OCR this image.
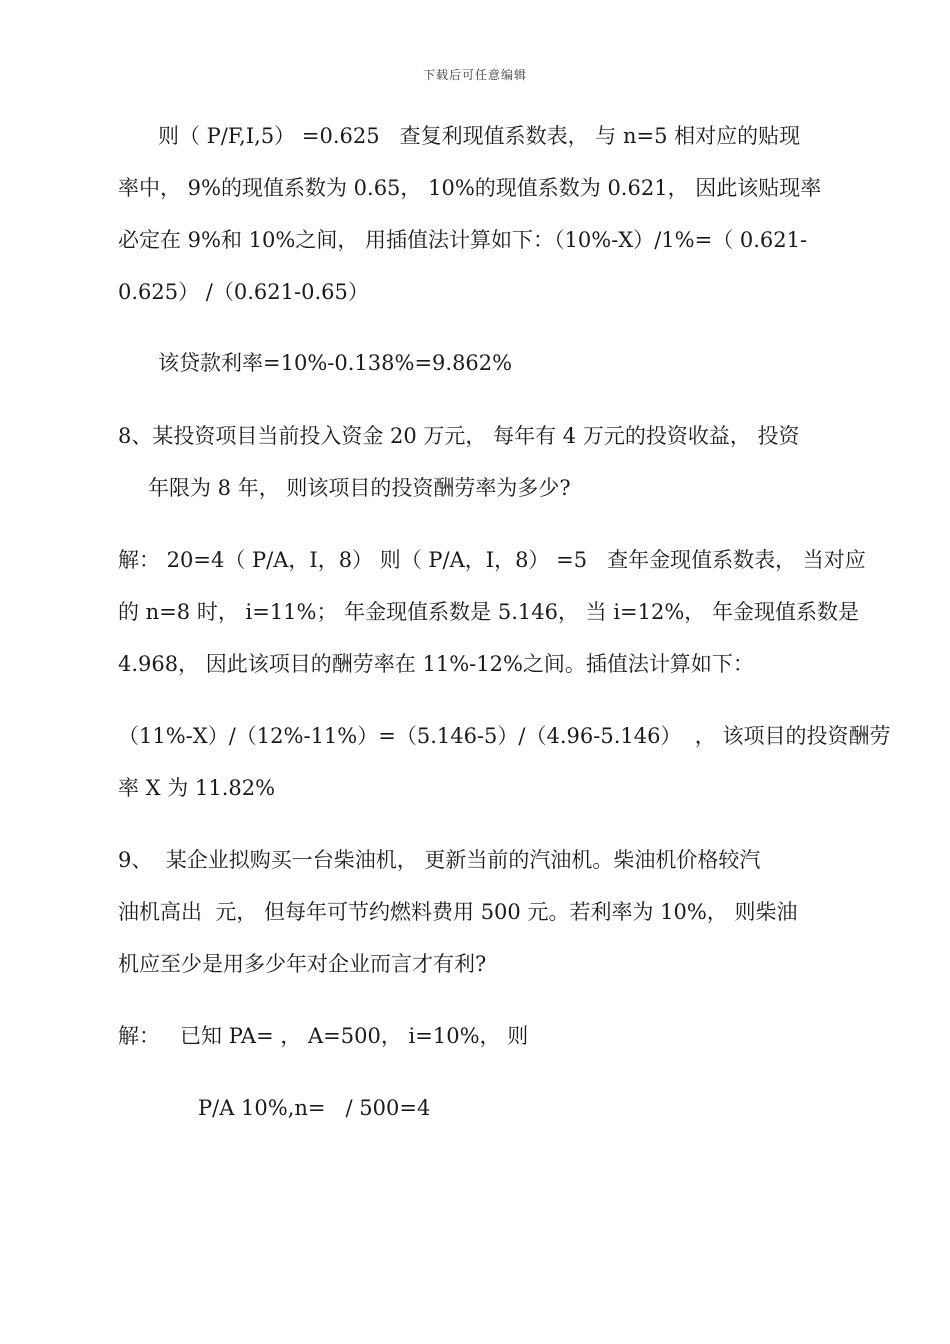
下载后可任意编辑
则（ P/F,I,5） =0.625   查复利现值系数表， 与 n=5 相对应的贴现
率中， 9%的现值系数为 0.65， 10%的现值系数为 0.621， 因此该贴现率
必定在 9%和 10%之间， 用插值法计算如下：（10%-X）/1%=（ 0.621-
0.625） /（0.621-0.65）
该贷款利率=10%-0.138%=9.862%
8、某投资项目当前投入资金 20 万元， 每年有 4 万元的投资收益， 投资
年限为 8 年， 则该项目的投资酬劳率为多少?
解： 20=4（ P/A，I，8） 则（ P/A，I，8） =5   查年金现值系数表， 当对应
的 n=8 时， i=11%； 年金现值系数是 5.146， 当 i=12%， 年金现值系数是
4.968， 因此该项目的酬劳率在 11%-12%之间。插值法计算如下：
（11%-X）/（12%-11%）=（5.146-5）/（4.96-5.146）  ， 该项目的投资酬劳
率 X 为 11.82%
9、  某企业拟购买一台柴油机， 更新当前的汽油机。柴油机价格较汽
油机高出  元， 但每年可节约燃料费用 500 元。若利率为 10%， 则柴油
机应至少是用多少年对企业而言才有利?
解：   已知 PA= ， A=500， i=10%， 则
P/A 10%,n=   / 500=4
